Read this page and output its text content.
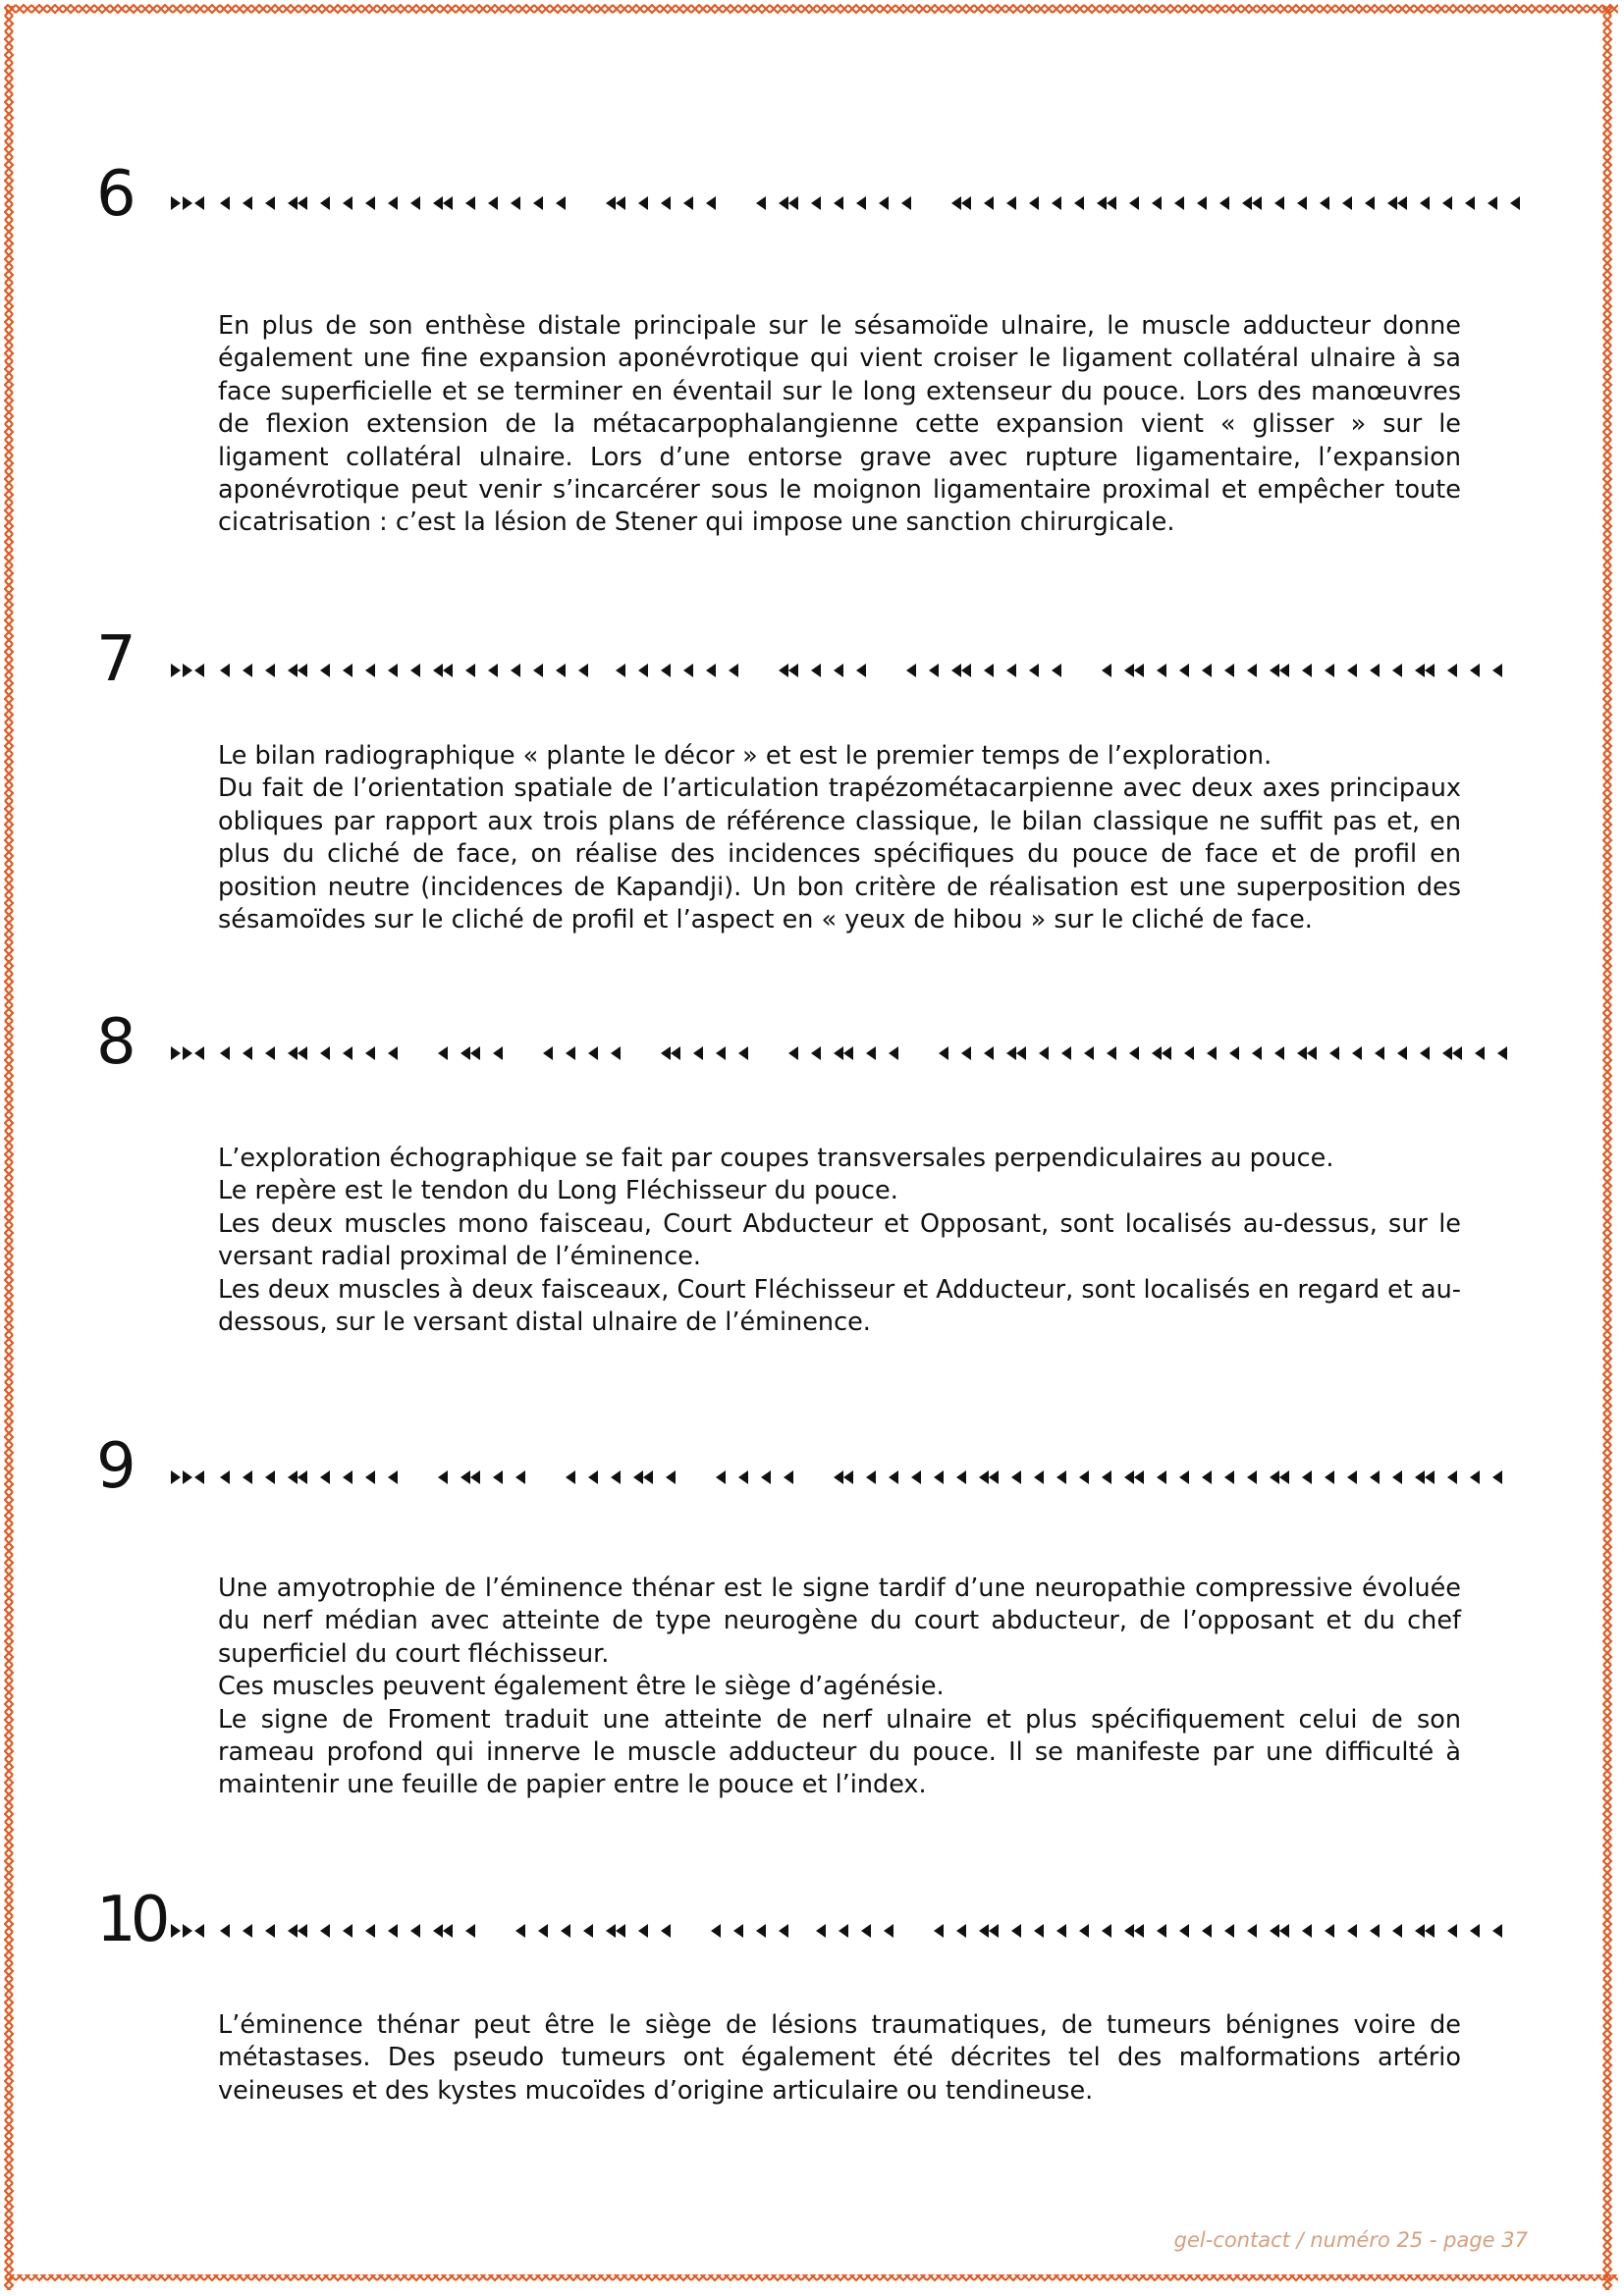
6

En plus de son enthèse distale principale sur le sésamoïde ulnaire, le muscle adducteur donne également une fine expansion aponévrotique qui vient croiser le ligament collatéral ulnaire à sa face superficielle et se terminer en éventail sur le long extenseur du pouce. Lors des manœuvres de flexion extension de la métacarpophalangienne cette expansion vient « glisser » sur le ligament collatéral ulnaire. Lors d’une entorse grave avec rupture ligamentaire, l’expansion aponévrotique peut venir s’incarcérer sous le moignon ligamentaire proximal et empêcher toute cicatrisation : c’est la lésion de Stener qui impose une sanction chirurgicale.

7

Le bilan radiographique « plante le décor » et est le premier temps de l’exploration.

Du fait de l’orientation spatiale de l’articulation trapézométacarpienne avec deux axes principaux obliques par rapport aux trois plans de référence classique, le bilan classique ne suffit pas et, en plus du cliché de face, on réalise des incidences spécifiques du pouce de face et de profil en position neutre (incidences de Kapandji). Un bon critère de réalisation est une superposition des sésamoïdes sur le cliché de profil et l’aspect en « yeux de hibou » sur le cliché de face.

8

L’exploration échographique se fait par coupes transversales perpendiculaires au pouce.

Le repère est le tendon du Long Fléchisseur du pouce.

Les deux muscles mono faisceau, Court Abducteur et Opposant, sont localisés au-dessus, sur le versant radial proximal de l’éminence.

Les deux muscles à deux faisceaux, Court Fléchisseur et Adducteur, sont localisés en regard et au-dessous, sur le versant distal ulnaire de l’éminence.

9

Une amyotrophie de l’éminence thénar est le signe tardif d’une neuropathie compressive évoluée du nerf médian avec atteinte de type neurogène du court abducteur, de l’opposant et du chef superficiel du court fléchisseur.

Ces muscles peuvent également être le siège d’agénésie.

Le signe de Froment traduit une atteinte de nerf ulnaire et plus spécifiquement celui de son rameau profond qui innerve le muscle adducteur du pouce. Il se manifeste par une difficulté à maintenir une feuille de papier entre le pouce et l’index.

10

L’éminence thénar peut être le siège de lésions traumatiques, de tumeurs bénignes voire de métastases. Des pseudo tumeurs ont également été décrites tel des malformations artério veineuses et des kystes mucoïdes d’origine articulaire ou tendineuse.

gel-contact / numéro 25 - page 37
